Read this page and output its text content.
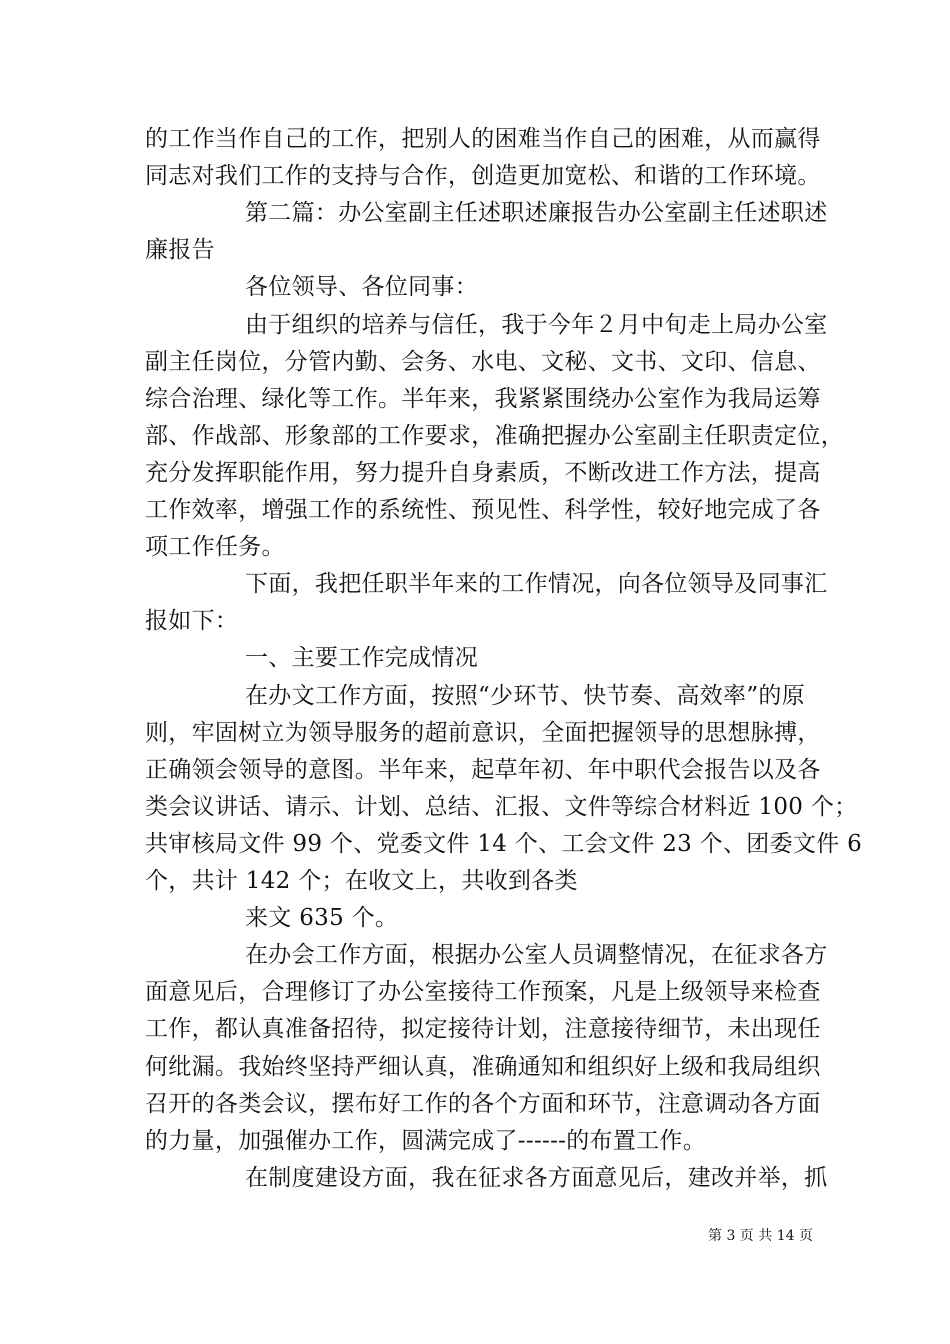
的工作当作自己的工作，把别人的困难当作自己的困难，从而赢得
同志对我们工作的支持与合作，创造更加宽松、和谐的工作环境。
第二篇：办公室副主任述职述廉报告办公室副主任述职述
廉报告
各位领导、各位同事：
由于组织的培养与信任，我于今年２月中旬走上局办公室
副主任岗位，分管内勤、会务、水电、文秘、文书、文印、信息、
综合治理、绿化等工作。半年来，我紧紧围绕办公室作为我局运筹
部、作战部、形象部的工作要求，准确把握办公室副主任职责定位，
充分发挥职能作用，努力提升自身素质，不断改进工作方法，提高
工作效率，增强工作的系统性、预见性、科学性，较好地完成了各
项工作任务。
下面，我把任职半年来的工作情况，向各位领导及同事汇
报如下：
一、主要工作完成情况
在办文工作方面，按照“少环节、快节奏、高效率”的原
则，牢固树立为领导服务的超前意识，全面把握领导的思想脉搏，
正确领会领导的意图。半年来，起草年初、年中职代会报告以及各
类会议讲话、请示、计划、总结、汇报、文件等综合材料近 100 个；
共审核局文件 99 个、党委文件 14 个、工会文件 23 个、团委文件 6
个，共计 142 个；在收文上，共收到各类
来文 635 个。
在办会工作方面，根据办公室人员调整情况，在征求各方
面意见后，合理修订了办公室接待工作预案，凡是上级领导来检查
工作，都认真准备招待，拟定接待计划，注意接待细节，未出现任
何纰漏。我始终坚持严细认真，准确通知和组织好上级和我局组织
召开的各类会议，摆布好工作的各个方面和环节，注意调动各方面
的力量，加强催办工作，圆满完成了------的布置工作。
在制度建设方面，我在征求各方面意见后，建改并举，抓
第 3 页 共 14 页
